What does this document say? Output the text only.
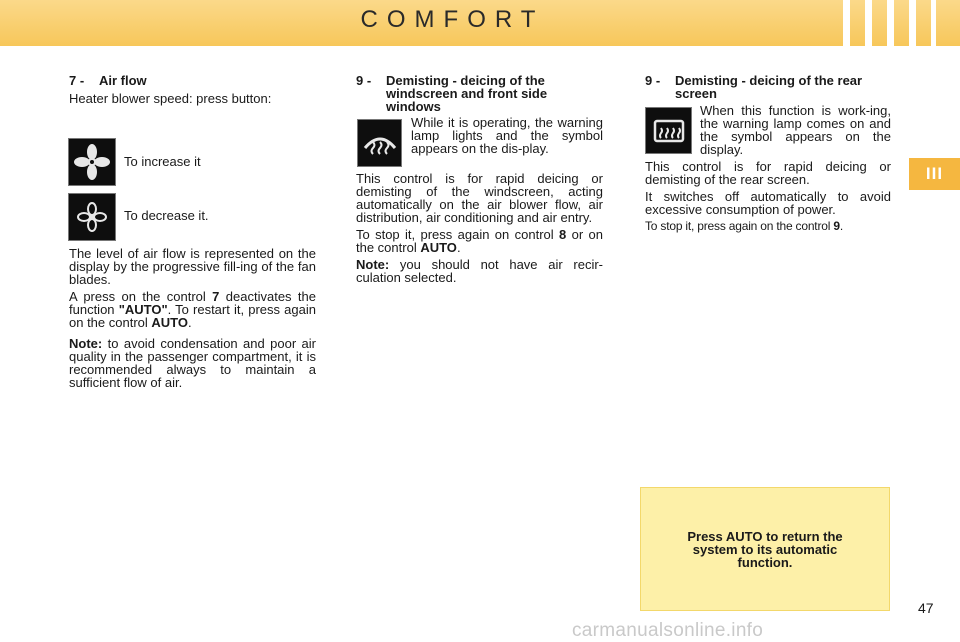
COMFORT
III
7 -	Air flow

Heater blower speed: press button:

To increase it
To decrease it.

The level of air flow is represented on the display by the progressive fill-ing of the fan blades.

A press on the control 7 deactivates the function "AUTO". To restart it, press again on the control AUTO.

Note: to avoid condensation and poor air quality in the passenger compartment, it is recommended always to maintain a sufficient flow of air.

9 -	Demisting - deicing of the windscreen and front side windows

While it is operating, the warning lamp lights and the symbol appears on the dis-play.

This control is for rapid deicing or demisting of the windscreen, acting automatically on the air blower flow, air distribution, air conditioning and air entry.

To stop it, press again on control 8 or on the control AUTO.

Note: you should not have air recir-culation selected.

9 -	Demisting - deicing of the rear screen

When this function is work-ing, the warning lamp comes on and the symbol appears on the display.

This control is for rapid deicing or demisting of the rear screen.

It switches off automatically to avoid excessive consumption of power.

To stop it, press again on the control 9.

Press AUTO to return the system to its automatic function.
47
carmanualsonline.info
